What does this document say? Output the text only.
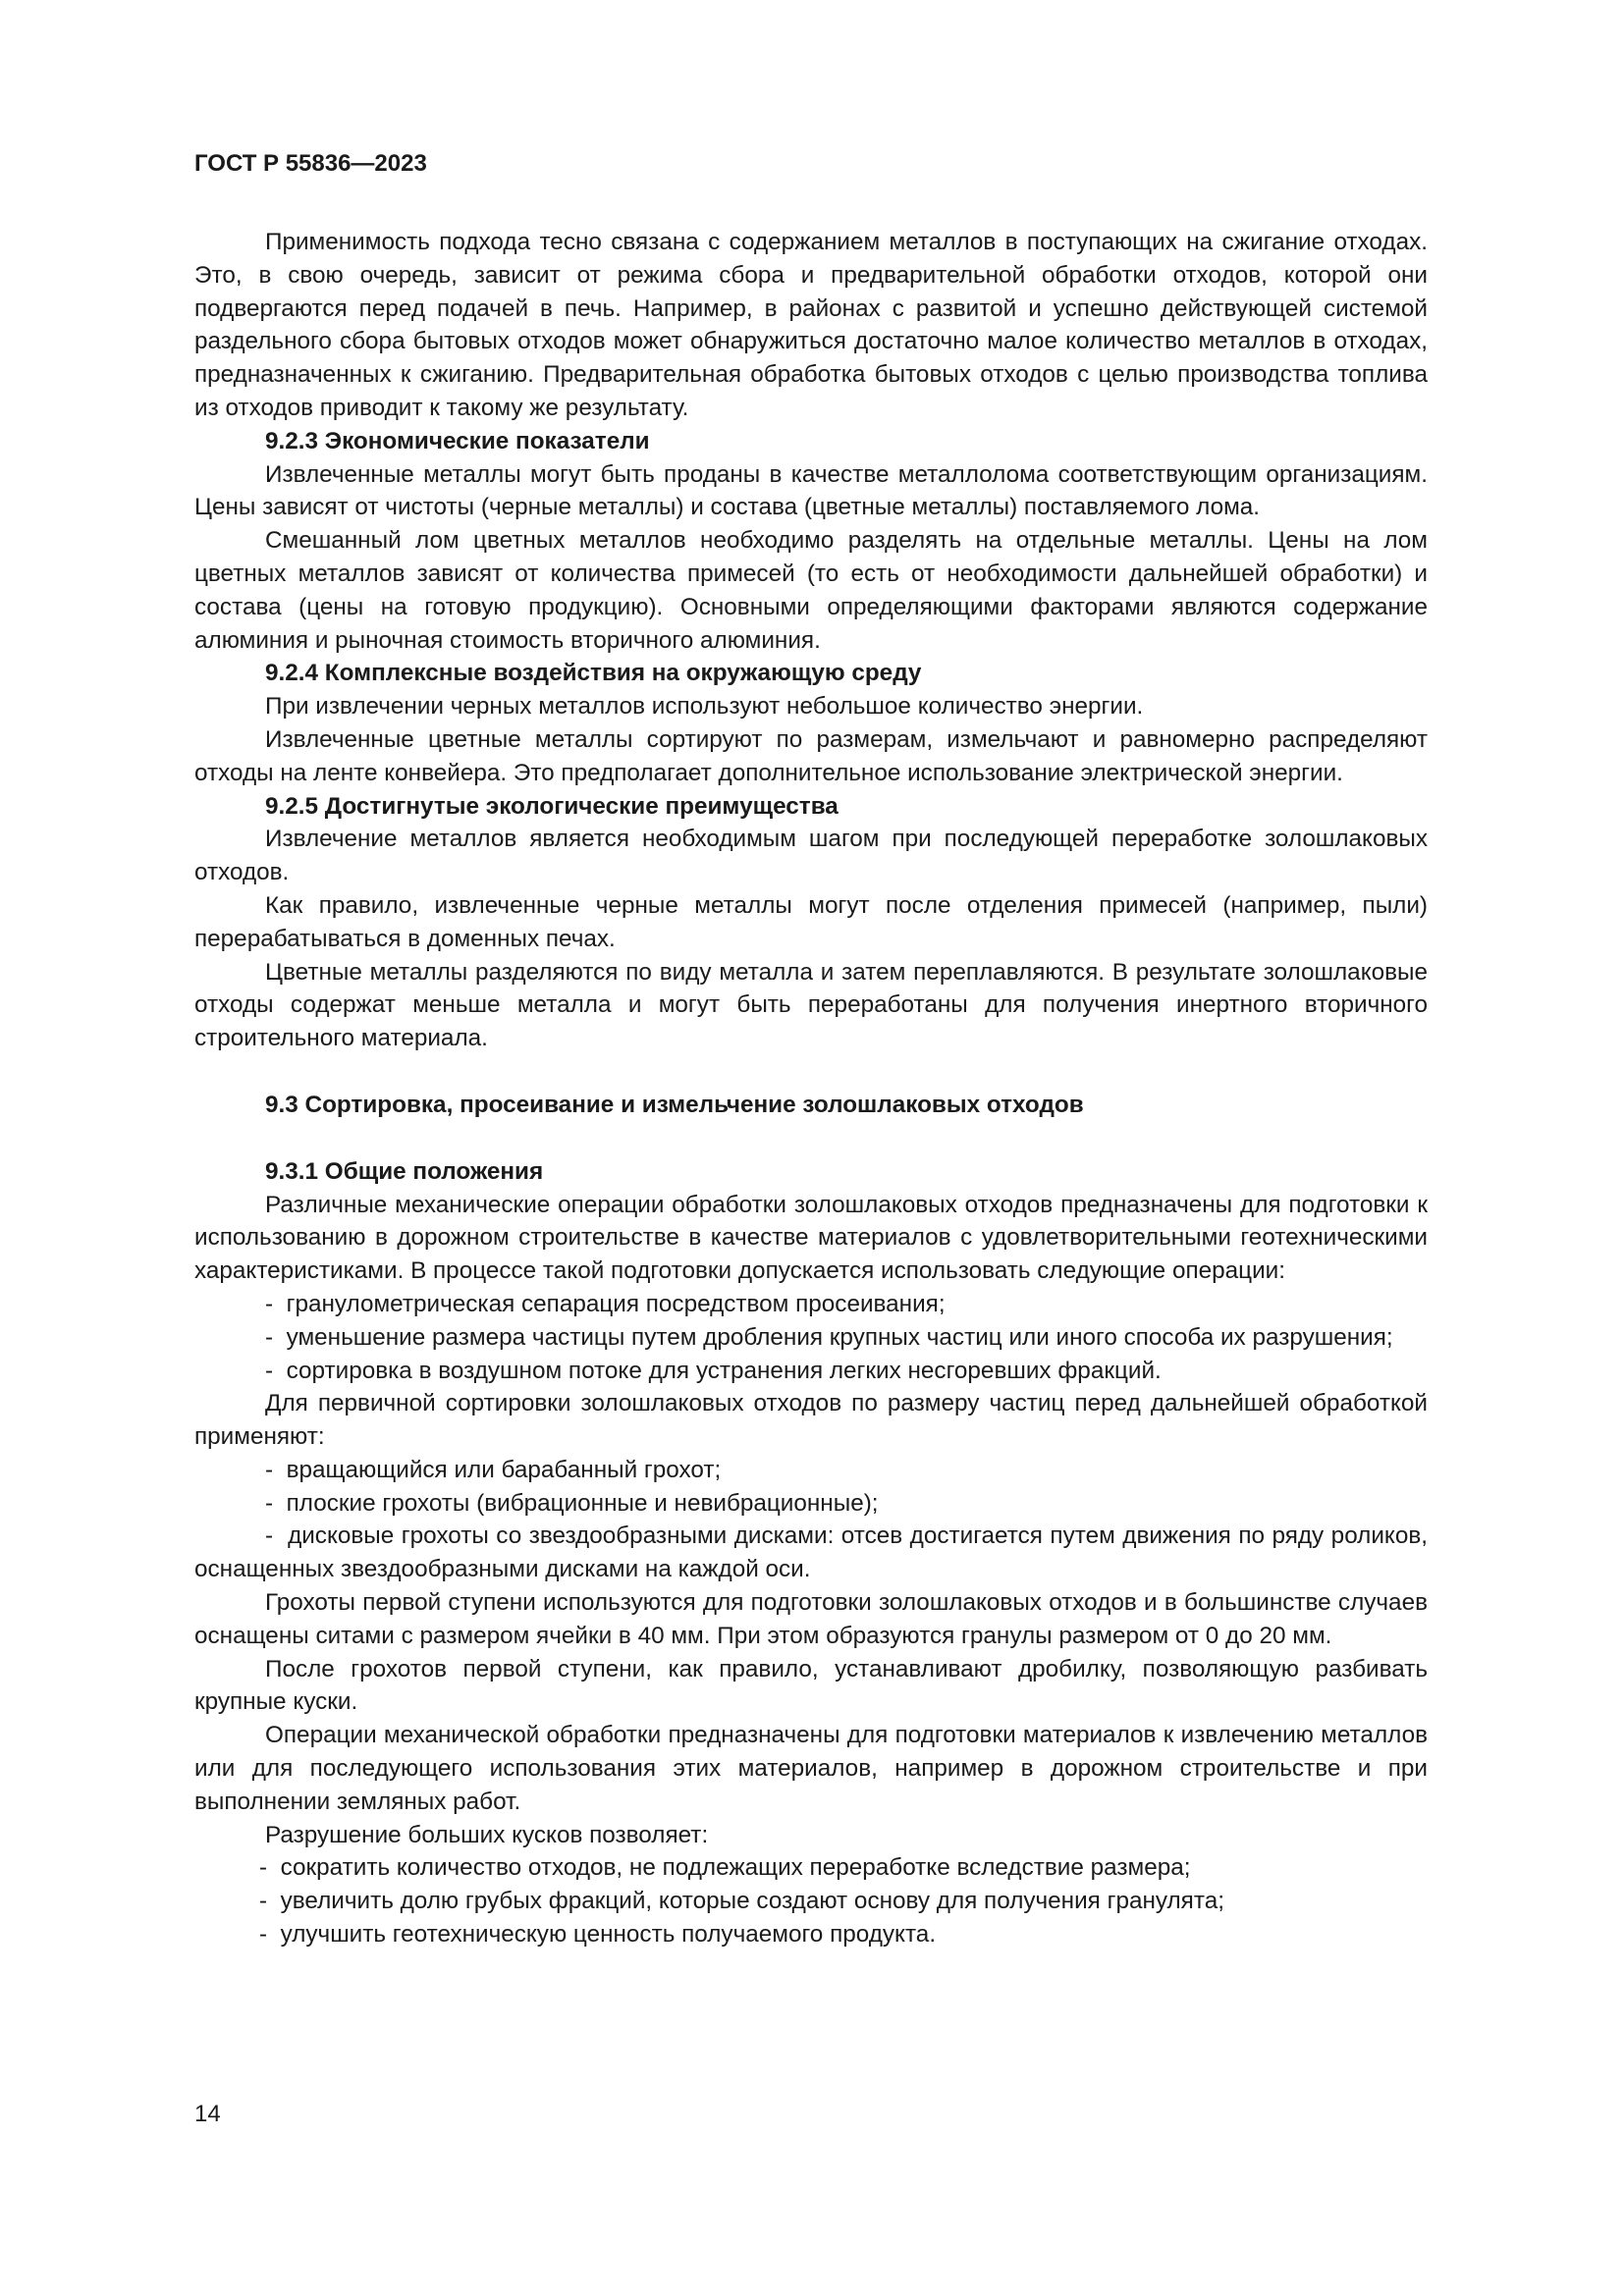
ГОСТ Р 55836—2023

Применимость подхода тесно связана с содержанием металлов в поступающих на сжигание отходах. Это, в свою очередь, зависит от режима сбора и предварительной обработки отходов, которой они подвергаются перед подачей в печь. Например, в районах с развитой и успешно действующей системой раздельного сбора бытовых отходов может обнаружиться достаточно малое количество металлов в отходах, предназначенных к сжиганию. Предварительная обработка бытовых отходов с целью производства топлива из отходов приводит к такому же результату.

9.2.3 Экономические показатели

Извлеченные металлы могут быть проданы в качестве металлолома соответствующим организациям. Цены зависят от чистоты (черные металлы) и состава (цветные металлы) поставляемого лома.

Смешанный лом цветных металлов необходимо разделять на отдельные металлы. Цены на лом цветных металлов зависят от количества примесей (то есть от необходимости дальнейшей обработки) и состава (цены на готовую продукцию). Основными определяющими факторами являются содержание алюминия и рыночная стоимость вторичного алюминия.

9.2.4 Комплексные воздействия на окружающую среду

При извлечении черных металлов используют небольшое количество энергии.

Извлеченные цветные металлы сортируют по размерам, измельчают и равномерно распределяют отходы на ленте конвейера. Это предполагает дополнительное использование электрической энергии.

9.2.5 Достигнутые экологические преимущества

Извлечение металлов является необходимым шагом при последующей переработке золошлаковых отходов.

Как правило, извлеченные черные металлы могут после отделения примесей (например, пыли) перерабатываться в доменных печах.

Цветные металлы разделяются по виду металла и затем переплавляются. В результате золошлаковые отходы содержат меньше металла и могут быть переработаны для получения инертного вторичного строительного материала.

9.3 Сортировка, просеивание и измельчение золошлаковых отходов
9.3.1 Общие положения

Различные механические операции обработки золошлаковых отходов предназначены для подготовки к использованию в дорожном строительстве в качестве материалов с удовлетворительными геотехническими характеристиками. В процессе такой подготовки допускается использовать следующие операции:

-  гранулометрическая сепарация посредством просеивания;
-  уменьшение размера частицы путем дробления крупных частиц или иного способа их разрушения;
-  сортировка в воздушном потоке для устранения легких несгоревших фракций.

Для первичной сортировки золошлаковых отходов по размеру частиц перед дальнейшей обработкой применяют:

-  вращающийся или барабанный грохот;
-  плоские грохоты (вибрационные и невибрационные);
-  дисковые грохоты со звездообразными дисками: отсев достигается путем движения по ряду роликов, оснащенных звездообразными дисками на каждой оси.

Грохоты первой ступени используются для подготовки золошлаковых отходов и в большинстве случаев оснащены ситами с размером ячейки в 40 мм. При этом образуются гранулы размером от 0 до 20 мм.

После грохотов первой ступени, как правило, устанавливают дробилку, позволяющую разбивать крупные куски.

Операции механической обработки предназначены для подготовки материалов к извлечению металлов или для последующего использования этих материалов, например в дорожном строительстве и при выполнении земляных работ.

Разрушение больших кусков позволяет:

-  сократить количество отходов, не подлежащих переработке вследствие размера;
-  увеличить долю грубых фракций, которые создают основу для получения гранулята;
-  улучшить геотехническую ценность получаемого продукта.
14
